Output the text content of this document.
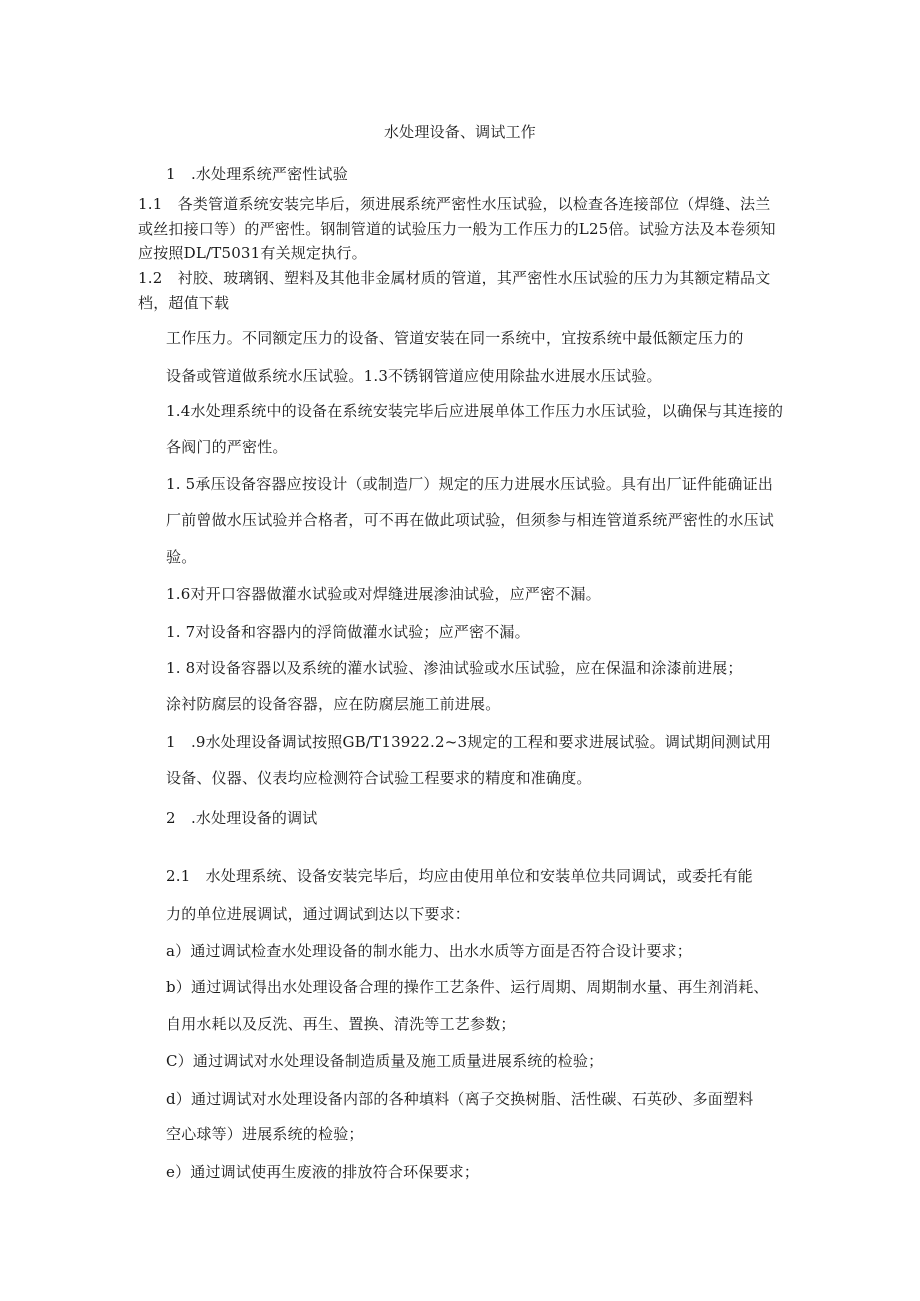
水处理设备、调试工作
1　.水处理系统严密性试验
1.1　各类管道系统安装完毕后，须进展系统严密性水压试验，以检查各连接部位（焊缝、法兰
或丝扣接口等）的严密性。钢制管道的试验压力一般为工作压力的L25倍。试验方法及本卷须知
应按照DL/T5031有关规定执行。
1.2　衬胶、玻璃钢、塑料及其他非金属材质的管道，其严密性水压试验的压力为其额定精品文
档，超值下载
工作压力。不同额定压力的设备、管道安装在同一系统中，宜按系统中最低额定压力的
设备或管道做系统水压试验。1.3不锈钢管道应使用除盐水进展水压试验。
1.4水处理系统中的设备在系统安装完毕后应进展单体工作压力水压试验，以确保与其连接的
各阀门的严密性。
1. 5承压设备容器应按设计（或制造厂）规定的压力进展水压试验。具有出厂证件能确证出
厂前曾做水压试验并合格者，可不再在做此项试验，但须参与相连管道系统严密性的水压试
验。
1.6对开口容器做灌水试验或对焊缝进展渗油试验，应严密不漏。
1. 7对设备和容器内的浮筒做灌水试验；应严密不漏。
1. 8对设备容器以及系统的灌水试验、渗油试验或水压试验，应在保温和涂漆前进展；
涂衬防腐层的设备容器，应在防腐层施工前进展。
1　.9水处理设备调试按照GB/T13922.2~3规定的工程和要求进展试验。调试期间测试用
设备、仪器、仪表均应检测符合试验工程要求的精度和准确度。
2　.水处理设备的调试
2.1　水处理系统、设备安装完毕后，均应由使用单位和安装单位共同调试，或委托有能
力的单位进展调试，通过调试到达以下要求：
a）通过调试检查水处理设备的制水能力、出水水质等方面是否符合设计要求；
b）通过调试得出水处理设备合理的操作工艺条件、运行周期、周期制水量、再生剂消耗、
自用水耗以及反洗、再生、置换、清洗等工艺参数；
C）通过调试对水处理设备制造质量及施工质量进展系统的检验；
d）通过调试对水处理设备内部的各种填料（离子交换树脂、活性碳、石英砂、多面塑料
空心球等）进展系统的检验；
e）通过调试使再生废液的排放符合环保要求；
